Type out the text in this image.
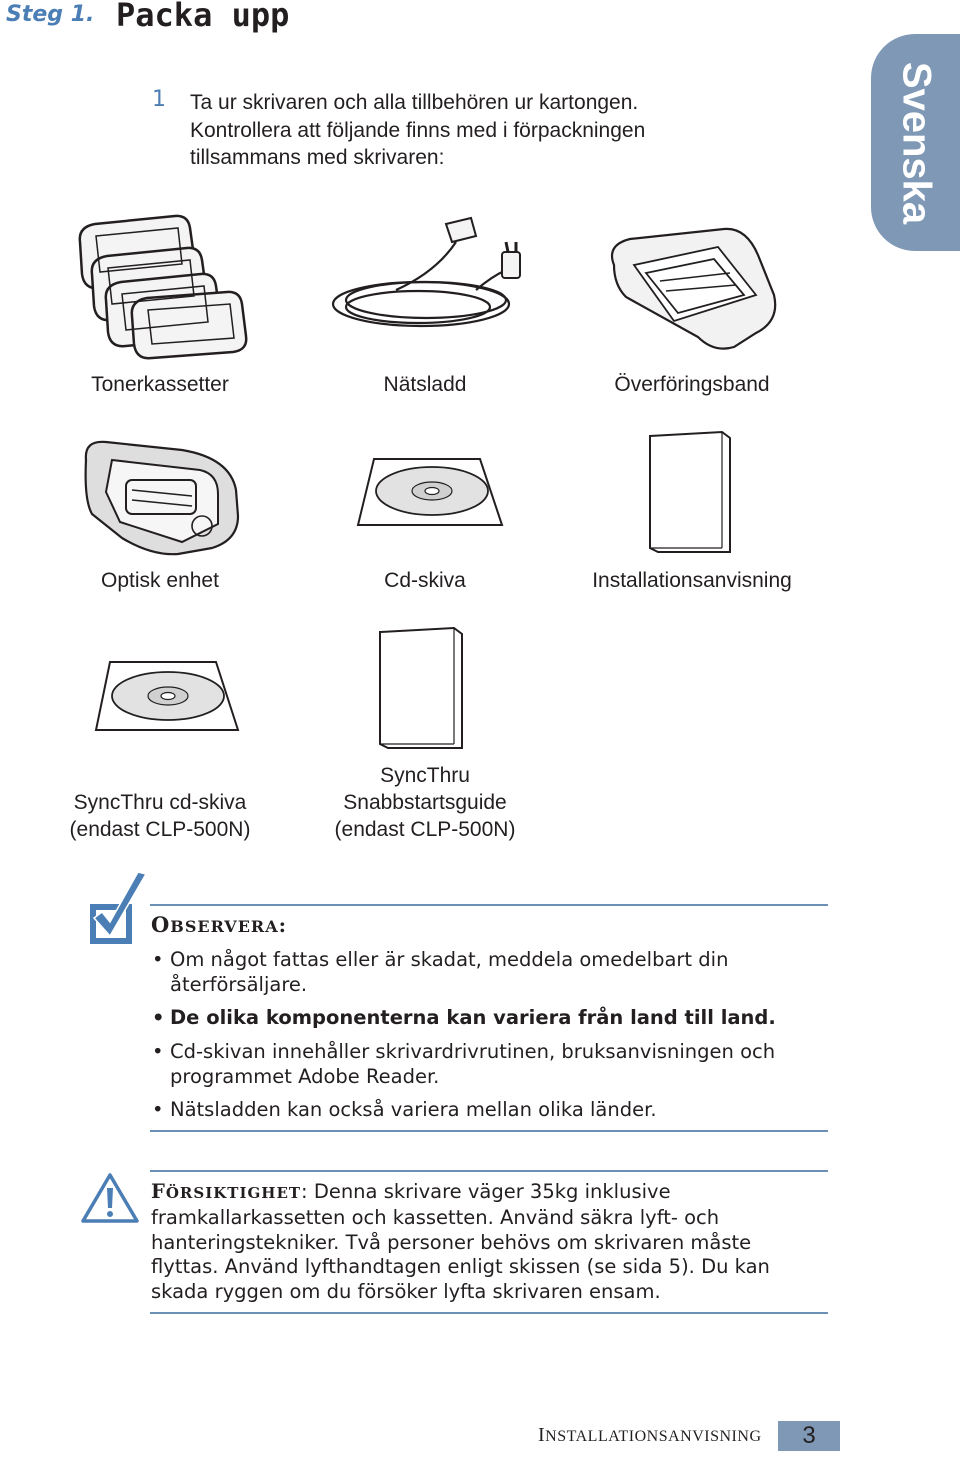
Steg 1. Packa upp
Svenska
1 Ta ur skrivaren och alla tillbehören ur kartongen.
Kontrollera att följande finns med i förpackningen
tillsammans med skrivaren:
Tonerkassetter	Nätsladd	Överföringsband
Optisk enhet	Cd-skiva	Installationsanvisning
SyncThru cd-skiva
(endast CLP-500N)
SyncThru
Snabbstartsguide
(endast CLP-500N)
OBSERVERA:
• Om något fattas eller är skadat, meddela omedelbart din
återförsäljare.
• De olika komponenterna kan variera från land till land.
• Cd-skivan innehåller skrivardrivrutinen, bruksanvisningen och
programmet Adobe Reader.
• Nätsladden kan också variera mellan olika länder.
FÖRSIKTIGHET: Denna skrivare väger 35kg inklusive
framkallarkassetten och kassetten. Använd säkra lyft- och
hanteringstekniker. Två personer behövs om skrivaren måste
flyttas. Använd lyfthandtagen enligt skissen (se sida 5). Du kan
skada ryggen om du försöker lyfta skrivaren ensam.
INSTALLATIONSANVISNING	3
